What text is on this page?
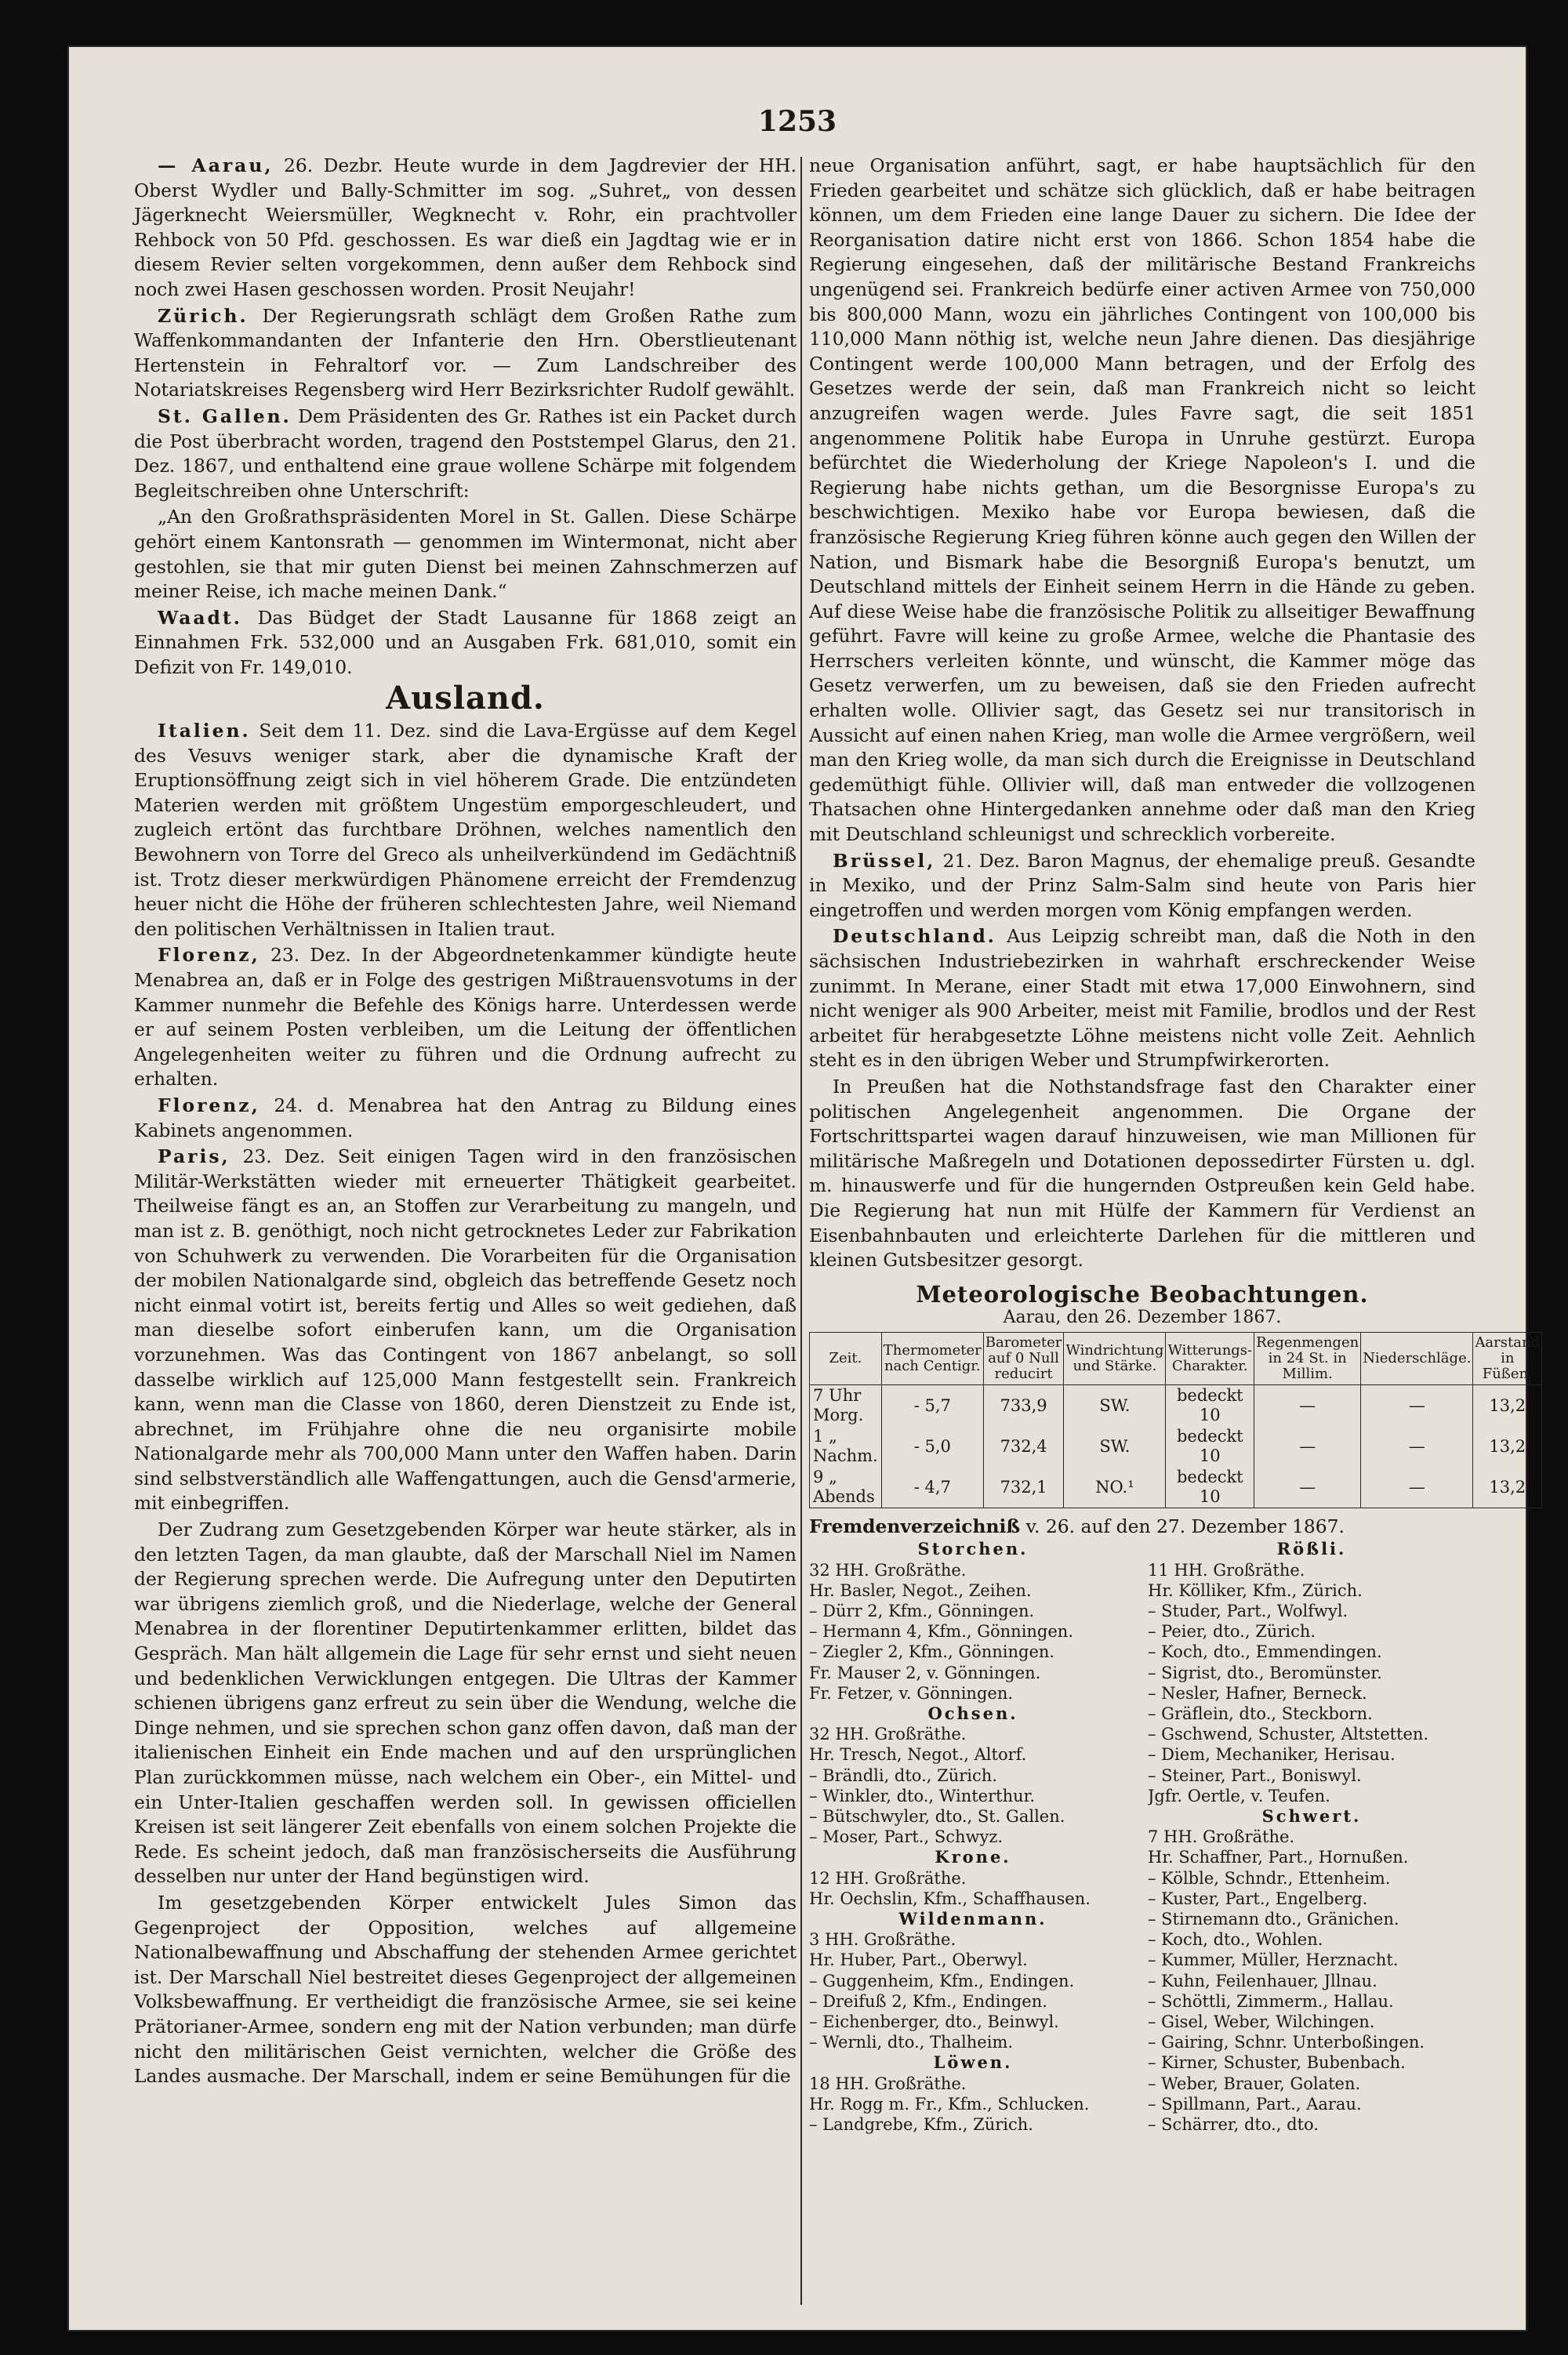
1253

— Aarau, 26. Dezbr. Heute wurde in dem Jagdrevier der HH. Oberst Wydler und Bally-Schmitter im sog. „Suhret„ von dessen Jägerknecht Weiersmüller, Wegknecht v. Rohr, ein prachtvoller Rehbock von 50 Pfd. geschossen. Es war dieß ein Jagdtag wie er in diesem Revier selten vorgekommen, denn außer dem Rehbock sind noch zwei Hasen geschossen worden. Prosit Neujahr!

Zürich. Der Regierungsrath schlägt dem Großen Rathe zum Waffenkommandanten der Infanterie den Hrn. Oberstlieutenant Hertenstein in Fehraltorf vor. — Zum Landschreiber des Notariatskreises Regensberg wird Herr Bezirksrichter Rudolf gewählt.

St. Gallen. Dem Präsidenten des Gr. Rathes ist ein Packet durch die Post überbracht worden, tragend den Poststempel Glarus, den 21. Dez. 1867, und enthaltend eine graue wollene Schärpe mit folgendem Begleitschreiben ohne Unterschrift:

„An den Großrathspräsidenten Morel in St. Gallen. Diese Schärpe gehört einem Kantonsrath — genommen im Wintermonat, nicht aber gestohlen, sie that mir guten Dienst bei meinen Zahnschmerzen auf meiner Reise, ich mache meinen Dank.“

Waadt. Das Büdget der Stadt Lausanne für 1868 zeigt an Einnahmen Frk. 532,000 und an Ausgaben Frk. 681,010, somit ein Defizit von Fr. 149,010.

Ausland.

Italien. Seit dem 11. Dez. sind die Lava-Ergüsse auf dem Kegel des Vesuvs weniger stark, aber die dynamische Kraft der Eruptionsöffnung zeigt sich in viel höherem Grade. Die entzündeten Materien werden mit größtem Ungestüm emporgeschleudert, und zugleich ertönt das furchtbare Dröhnen, welches namentlich den Bewohnern von Torre del Greco als unheilverkündend im Gedächtniß ist. Trotz dieser merkwürdigen Phänomene erreicht der Fremdenzug heuer nicht die Höhe der früheren schlechtesten Jahre, weil Niemand den politischen Verhältnissen in Italien traut.

Florenz, 23. Dez. In der Abgeordnetenkammer kündigte heute Menabrea an, daß er in Folge des gestrigen Mißtrauensvotums in der Kammer nunmehr die Befehle des Königs harre. Unterdessen werde er auf seinem Posten verbleiben, um die Leitung der öffentlichen Angelegenheiten weiter zu führen und die Ordnung aufrecht zu erhalten.

Florenz, 24. d. Menabrea hat den Antrag zu Bildung eines Kabinets angenommen.

Paris, 23. Dez. Seit einigen Tagen wird in den französischen Militär-Werkstätten wieder mit erneuerter Thätigkeit gearbeitet. Theilweise fängt es an, an Stoffen zur Verarbeitung zu mangeln, und man ist z. B. genöthigt, noch nicht getrocknetes Leder zur Fabrikation von Schuhwerk zu verwenden. Die Vorarbeiten für die Organisation der mobilen Nationalgarde sind, obgleich das betreffende Gesetz noch nicht einmal votirt ist, bereits fertig und Alles so weit gediehen, daß man dieselbe sofort einberufen kann, um die Organisation vorzunehmen. Was das Contingent von 1867 anbelangt, so soll dasselbe wirklich auf 125,000 Mann festgestellt sein. Frankreich kann, wenn man die Classe von 1860, deren Dienstzeit zu Ende ist, abrechnet, im Frühjahre ohne die neu organisirte mobile Nationalgarde mehr als 700,000 Mann unter den Waffen haben. Darin sind selbstverständlich alle Waffengattungen, auch die Gensd'armerie, mit einbegriffen.

Der Zudrang zum Gesetzgebenden Körper war heute stärker, als in den letzten Tagen, da man glaubte, daß der Marschall Niel im Namen der Regierung sprechen werde. Die Aufregung unter den Deputirten war übrigens ziemlich groß, und die Niederlage, welche der General Menabrea in der florentiner Deputirtenkammer erlitten, bildet das Gespräch. Man hält allgemein die Lage für sehr ernst und sieht neuen und bedenklichen Verwicklungen entgegen. Die Ultras der Kammer schienen übrigens ganz erfreut zu sein über die Wendung, welche die Dinge nehmen, und sie sprechen schon ganz offen davon, daß man der italienischen Einheit ein Ende machen und auf den ursprünglichen Plan zurückkommen müsse, nach welchem ein Ober-, ein Mittel- und ein Unter-Italien geschaffen werden soll. In gewissen officiellen Kreisen ist seit längerer Zeit ebenfalls von einem solchen Projekte die Rede. Es scheint jedoch, daß man französischerseits die Ausführung desselben nur unter der Hand begünstigen wird.

Im gesetzgebenden Körper entwickelt Jules Simon das Gegenproject der Opposition, welches auf allgemeine Nationalbewaffnung und Abschaffung der stehenden Armee gerichtet ist. Der Marschall Niel bestreitet dieses Gegenproject der allgemeinen Volksbewaffnung. Er vertheidigt die französische Armee, sie sei keine Prätorianer-Armee, sondern eng mit der Nation verbunden; man dürfe nicht den militärischen Geist vernichten, welcher die Größe des Landes ausmache. Der Marschall, indem er seine Bemühungen für die

neue Organisation anführt, sagt, er habe hauptsächlich für den Frieden gearbeitet und schätze sich glücklich, daß er habe beitragen können, um dem Frieden eine lange Dauer zu sichern. Die Idee der Reorganisation datire nicht erst von 1866. Schon 1854 habe die Regierung eingesehen, daß der militärische Bestand Frankreichs ungenügend sei. Frankreich bedürfe einer activen Armee von 750,000 bis 800,000 Mann, wozu ein jährliches Contingent von 100,000 bis 110,000 Mann nöthig ist, welche neun Jahre dienen. Das diesjährige Contingent werde 100,000 Mann betragen, und der Erfolg des Gesetzes werde der sein, daß man Frankreich nicht so leicht anzugreifen wagen werde. Jules Favre sagt, die seit 1851 angenommene Politik habe Europa in Unruhe gestürzt. Europa befürchtet die Wiederholung der Kriege Napoleon's I. und die Regierung habe nichts gethan, um die Besorgnisse Europa's zu beschwichtigen. Mexiko habe vor Europa bewiesen, daß die französische Regierung Krieg führen könne auch gegen den Willen der Nation, und Bismark habe die Besorgniß Europa's benutzt, um Deutschland mittels der Einheit seinem Herrn in die Hände zu geben. Auf diese Weise habe die französische Politik zu allseitiger Bewaffnung geführt. Favre will keine zu große Armee, welche die Phantasie des Herrschers verleiten könnte, und wünscht, die Kammer möge das Gesetz verwerfen, um zu beweisen, daß sie den Frieden aufrecht erhalten wolle. Ollivier sagt, das Gesetz sei nur transitorisch in Aussicht auf einen nahen Krieg, man wolle die Armee vergrößern, weil man den Krieg wolle, da man sich durch die Ereignisse in Deutschland gedemüthigt fühle. Ollivier will, daß man entweder die vollzogenen Thatsachen ohne Hintergedanken annehme oder daß man den Krieg mit Deutschland schleunigst und schrecklich vorbereite.

Brüssel, 21. Dez. Baron Magnus, der ehemalige preuß. Gesandte in Mexiko, und der Prinz Salm-Salm sind heute von Paris hier eingetroffen und werden morgen vom König empfangen werden.

Deutschland. Aus Leipzig schreibt man, daß die Noth in den sächsischen Industriebezirken in wahrhaft erschreckender Weise zunimmt. In Merane, einer Stadt mit etwa 17,000 Einwohnern, sind nicht weniger als 900 Arbeiter, meist mit Familie, brodlos und der Rest arbeitet für herabgesetzte Löhne meistens nicht volle Zeit. Aehnlich steht es in den übrigen Weber und Strumpfwirkerorten.

In Preußen hat die Nothstandsfrage fast den Charakter einer politischen Angelegenheit angenommen. Die Organe der Fortschrittspartei wagen darauf hinzuweisen, wie man Millionen für militärische Maßregeln und Dotationen depossedirter Fürsten u. dgl. m. hinauswerfe und für die hungernden Ostpreußen kein Geld habe. Die Regierung hat nun mit Hülfe der Kammern für Verdienst an Eisenbahnbauten und erleichterte Darlehen für die mittleren und kleinen Gutsbesitzer gesorgt.

Meteorologische Beobachtungen.
Aarau, den 26. Dezember 1867.
Zeit.	Thermometer nach Centigr.	Barometer auf 0 Null reducirt	Windrichtung und Stärke.	Witterungs-Charakter.	Regenmengen in 24 St. in Millim.	Niederschläge.	Aarstand in Füßen.
7 Uhr Morg.	- 5,7	733,9	SW.	bedeckt 10	—	—	13,2
1 „ Nachm.	- 5,0	732,4	SW.	bedeckt 10	—	—	13,2
9 „ Abends	- 4,7	732,1	NO.¹	bedeckt 10	—	—	13,2
Fremdenverzeichniß v. 26. auf den 27. Dezember 1867.
Storchen.
32 HH. Großräthe.
Hr. Basler, Negot., Zeihen.
– Dürr 2, Kfm., Gönningen.
– Hermann 4, Kfm., Gönningen.
– Ziegler 2, Kfm., Gönningen.
Fr. Mauser 2, v. Gönningen.
Fr. Fetzer, v. Gönningen.
Ochsen.
32 HH. Großräthe.
Hr. Tresch, Negot., Altorf.
– Brändli, dto., Zürich.
– Winkler, dto., Winterthur.
– Bütschwyler, dto., St. Gallen.
– Moser, Part., Schwyz.
Krone.
12 HH. Großräthe.
Hr. Oechslin, Kfm., Schaffhausen.
Wildenmann.
3 HH. Großräthe.
Hr. Huber, Part., Oberwyl.
– Guggenheim, Kfm., Endingen.
– Dreifuß 2, Kfm., Endingen.
– Eichenberger, dto., Beinwyl.
– Wernli, dto., Thalheim.
Löwen.
18 HH. Großräthe.
Hr. Rogg m. Fr., Kfm., Schlucken.
– Landgrebe, Kfm., Zürich.
Rößli.
11 HH. Großräthe.
Hr. Kölliker, Kfm., Zürich.
– Studer, Part., Wolfwyl.
– Peier, dto., Zürich.
– Koch, dto., Emmendingen.
– Sigrist, dto., Beromünster.
– Nesler, Hafner, Berneck.
– Gräflein, dto., Steckborn.
– Gschwend, Schuster, Altstetten.
– Diem, Mechaniker, Herisau.
– Steiner, Part., Boniswyl.
Jgfr. Oertle, v. Teufen.
Schwert.
7 HH. Großräthe.
Hr. Schaffner, Part., Hornußen.
– Kölble, Schndr., Ettenheim.
– Kuster, Part., Engelberg.
– Stirnemann dto., Gränichen.
– Koch, dto., Wohlen.
– Kummer, Müller, Herznacht.
– Kuhn, Feilenhauer, Jllnau.
– Schöttli, Zimmerm., Hallau.
– Gisel, Weber, Wilchingen.
– Gairing, Schnr. Unterboßingen.
– Kirner, Schuster, Bubenbach.
– Weber, Brauer, Golaten.
– Spillmann, Part., Aarau.
– Schärrer, dto., dto.
